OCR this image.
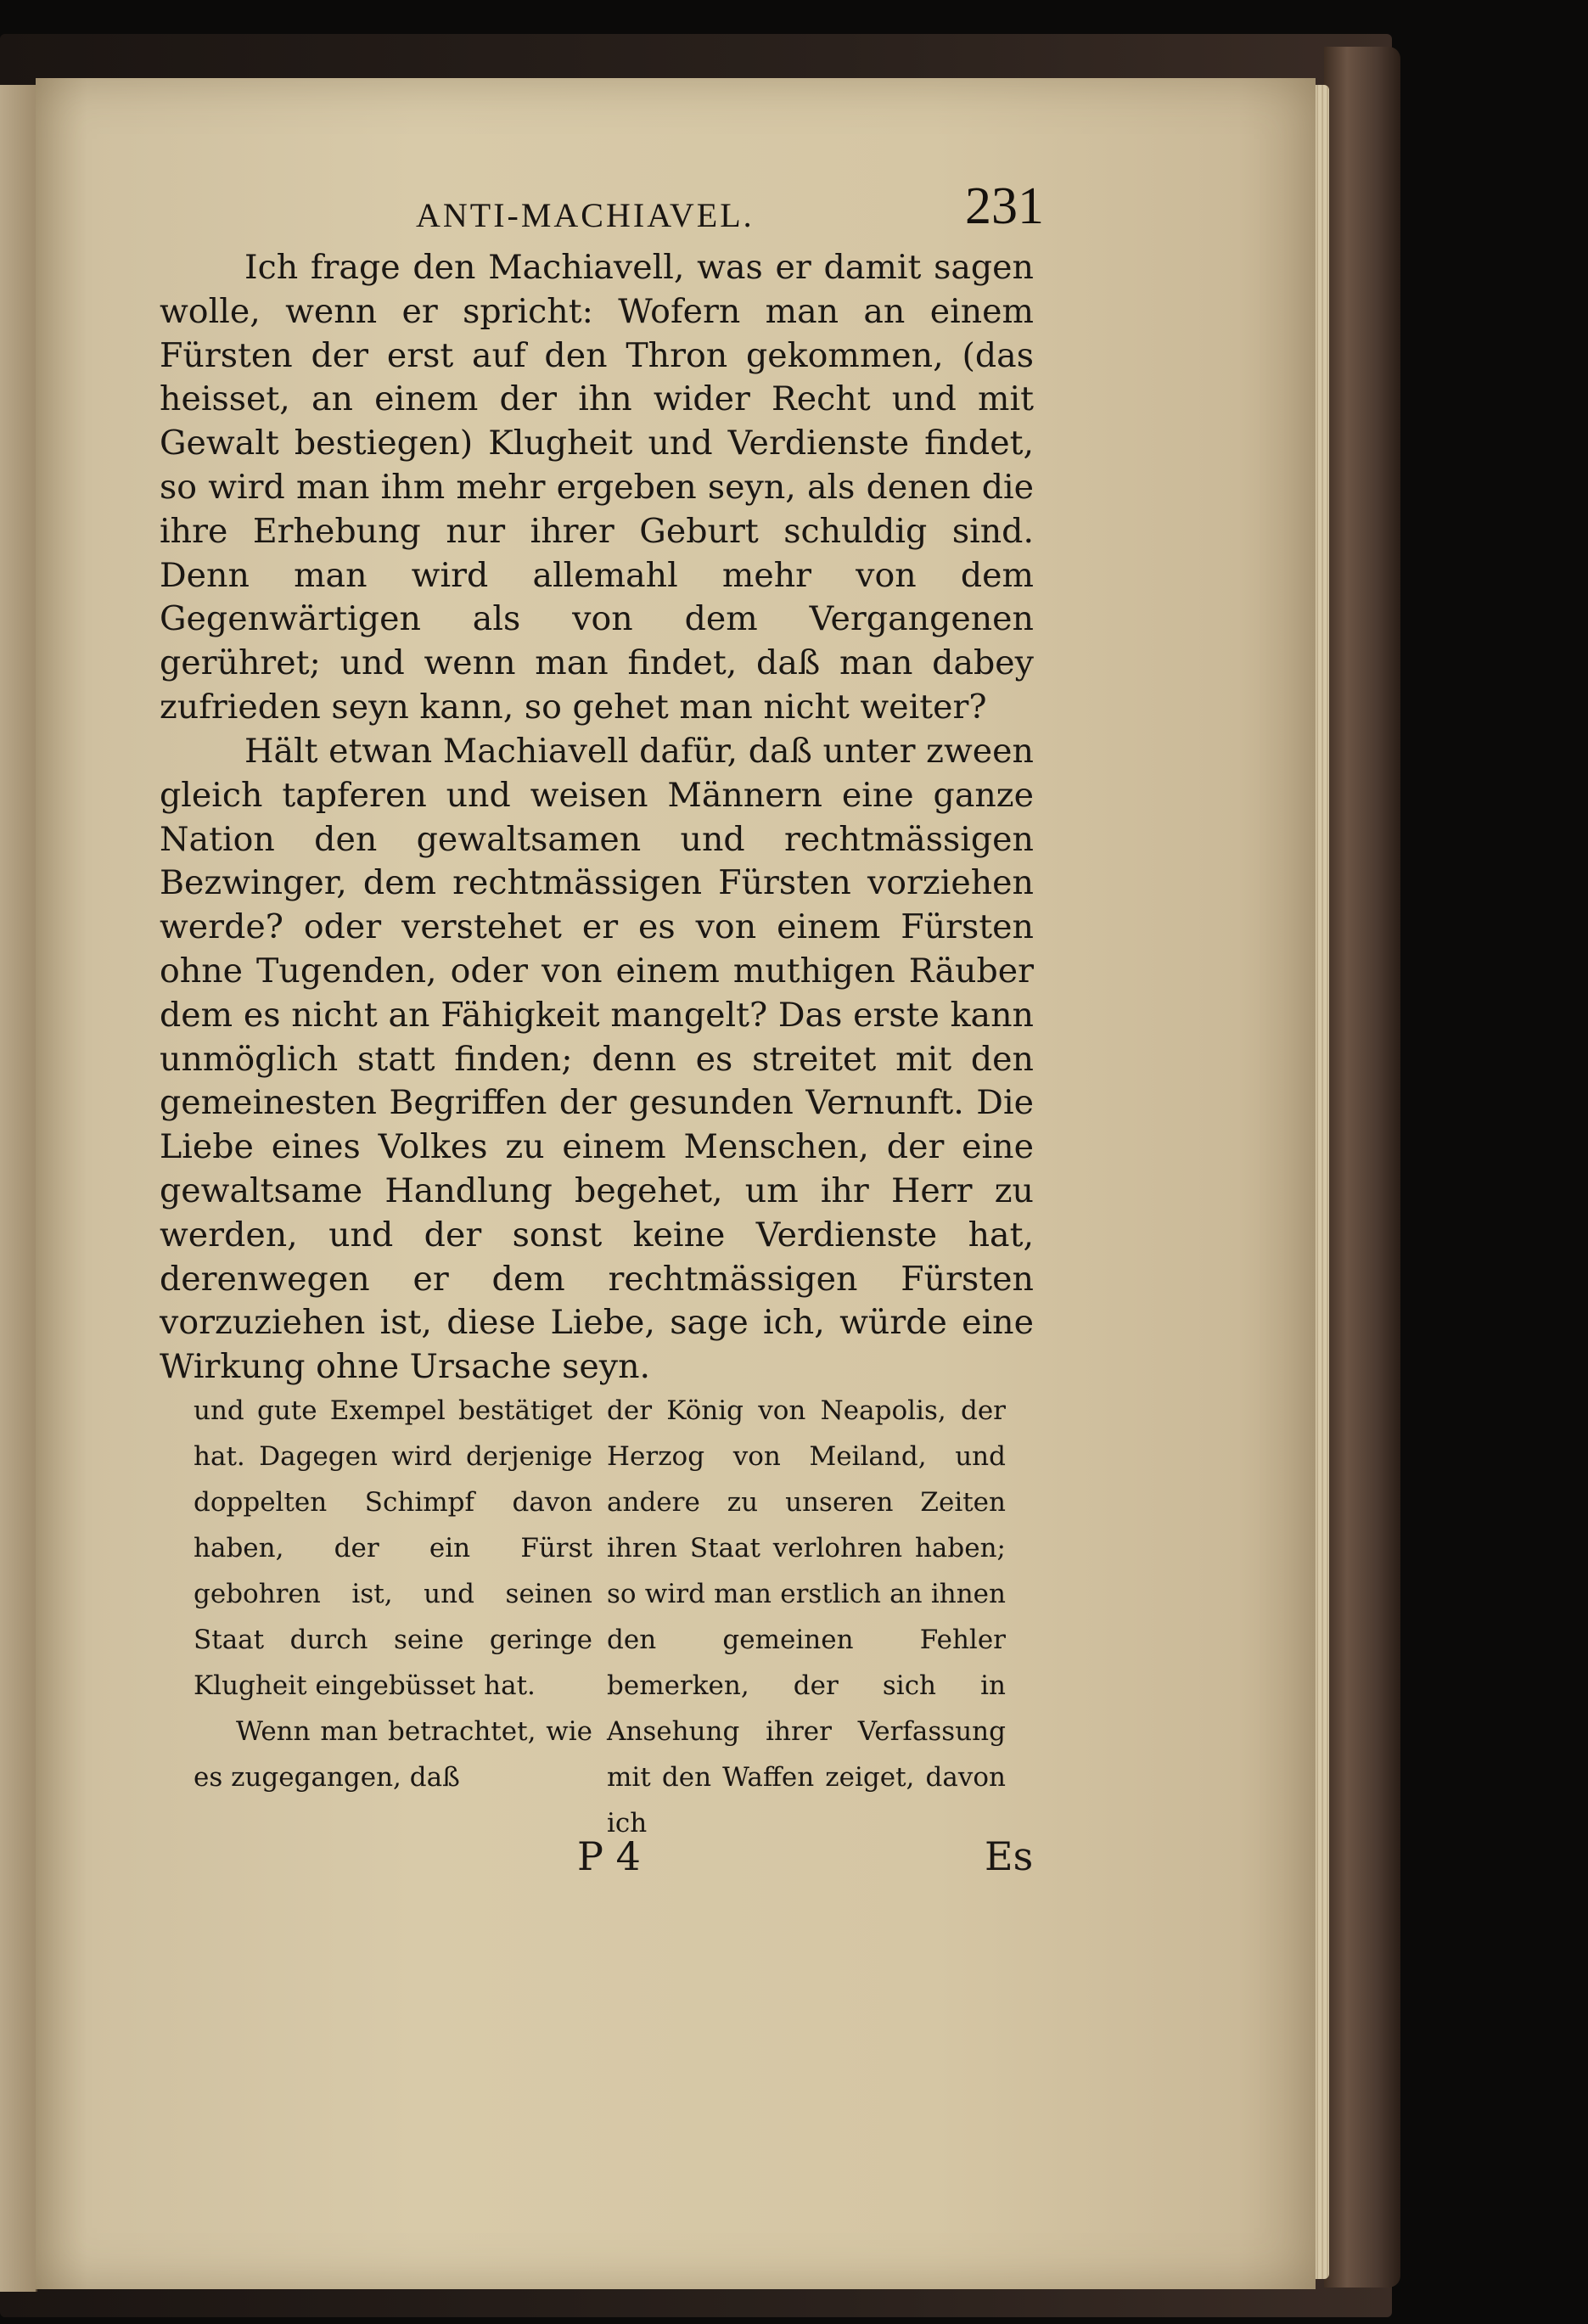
ANTI-MACHIAVEL.	231
Ich frage den Machiavell, was er damit sagen wolle, wenn er spricht: Wofern man an einem Fürsten der erst auf den Thron gekommen, (das heisset, an einem der ihn wider Recht und mit Gewalt bestiegen) Klugheit und Verdienste findet, so wird man ihm mehr ergeben seyn, als denen die ihre Erhebung nur ihrer Geburt schuldig sind. Denn man wird allemahl mehr von dem Gegenwärtigen als von dem Vergangenen gerühret; und wenn man findet, daß man dabey zufrieden seyn kann, so gehet man nicht weiter?
Hält etwan Machiavell dafür, daß unter zween gleich tapferen und weisen Männern eine ganze Nation den gewaltsamen und rechtmässigen Bezwinger, dem rechtmässigen Fürsten vorziehen werde? oder verstehet er es von einem Fürsten ohne Tugenden, oder von einem muthigen Räuber dem es nicht an Fähigkeit mangelt? Das erste kann unmöglich statt finden; denn es streitet mit den gemeinesten Begriffen der gesunden Vernunft. Die Liebe eines Volkes zu einem Menschen, der eine gewaltsame Handlung begehet, um ihr Herr zu werden, und der sonst keine Verdienste hat, derenwegen er dem rechtmässigen Fürsten vorzuziehen ist, diese Liebe, sage ich, würde eine Wirkung ohne Ursache seyn.

und gute Exempel bestätiget hat. Dagegen wird derjenige doppelten Schimpf davon haben, der ein Fürst gebohren ist, und seinen Staat durch seine geringe Klugheit eingebüsset hat.

Wenn man betrachtet, wie es zugegangen, daß

der König von Neapolis, der Herzog von Meiland, und andere zu unseren Zeiten ihren Staat verlohren haben; so wird man erstlich an ihnen den gemeinen Fehler bemerken, der sich in Ansehung ihrer Verfassung mit den Waffen zeiget, davon ich

P 4	Es
